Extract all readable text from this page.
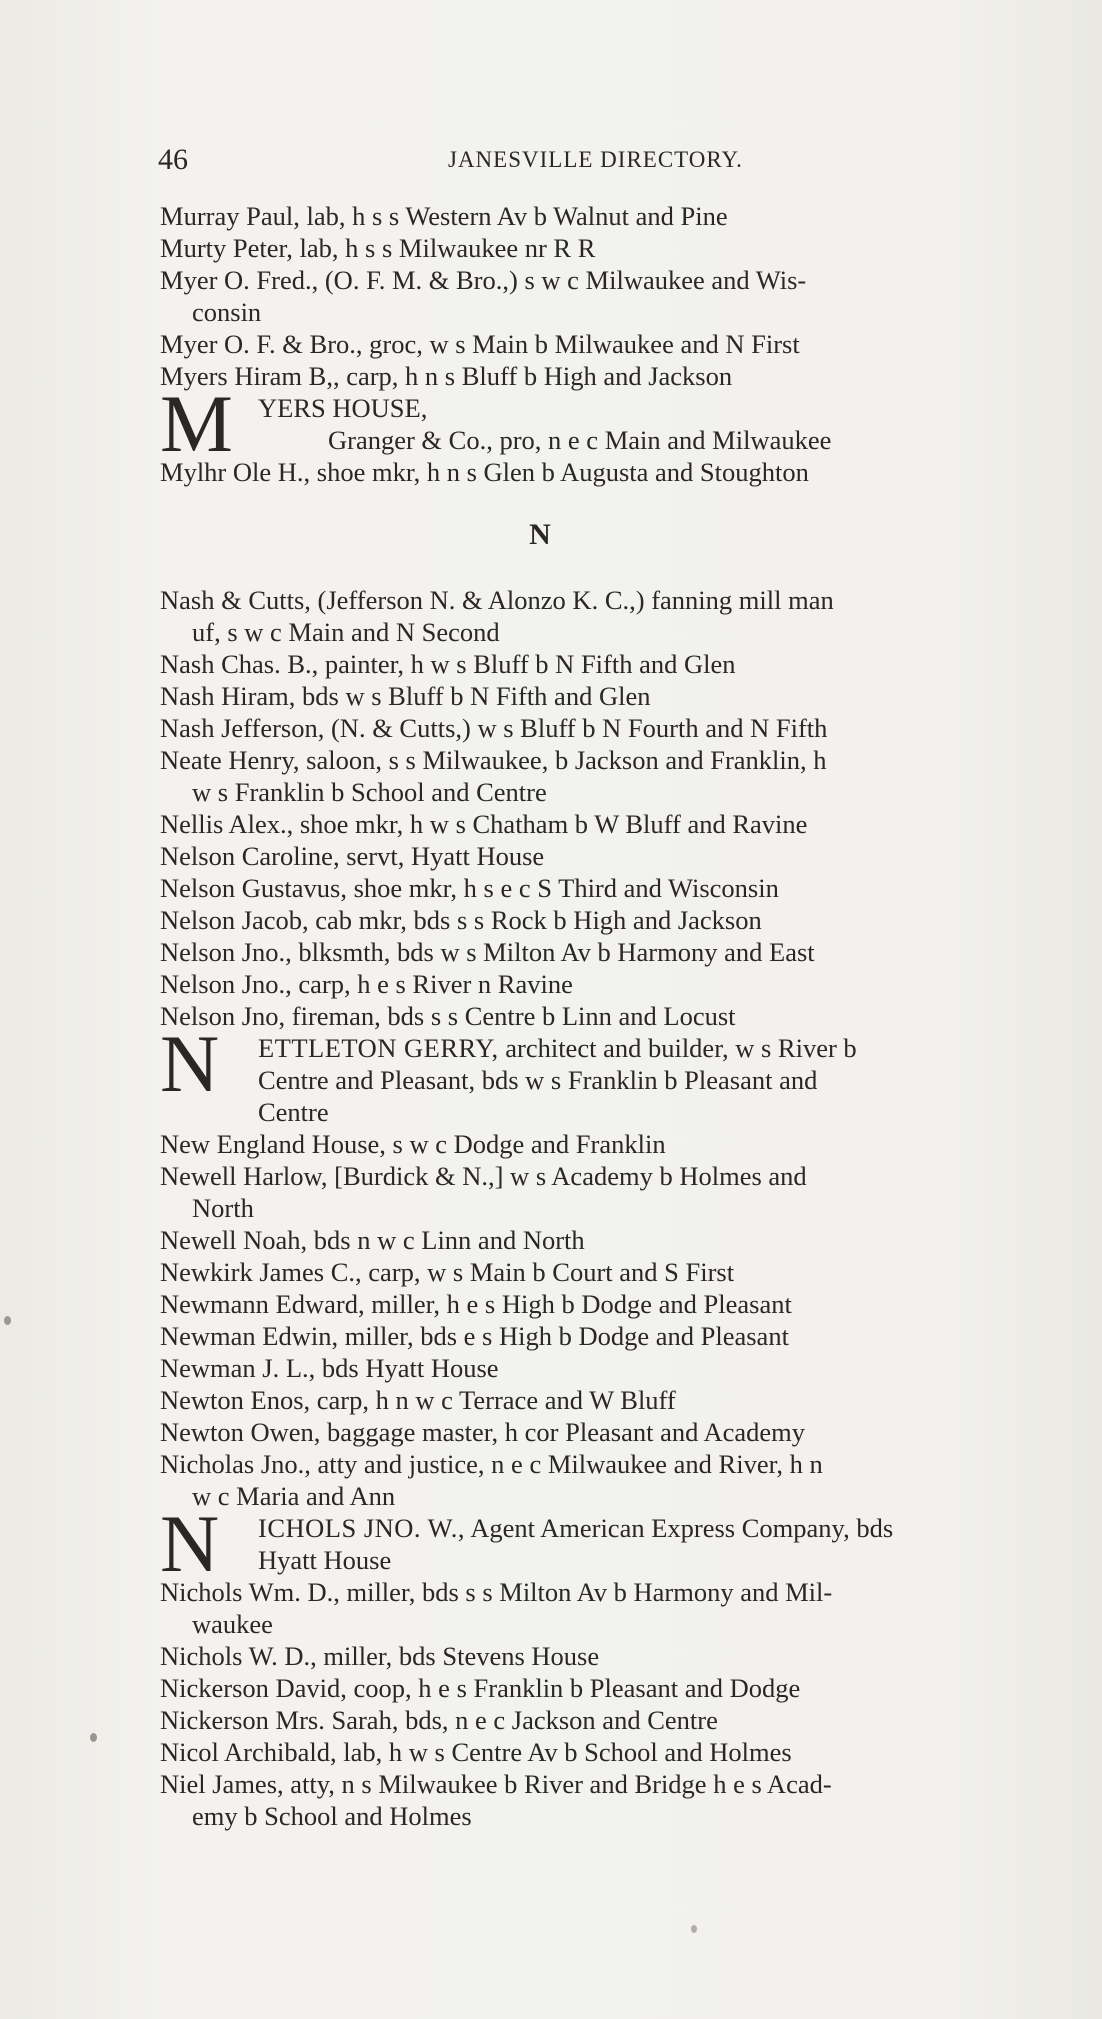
46	JANESVILLE DIRECTORY.
Murray Paul, lab, h s s Western Av b Walnut and Pine
Murty Peter, lab, h s s Milwaukee nr R R
Myer O. Fred., (O. F. M. & Bro.,) s w c Milwaukee and Wis-
consin
Myer O. F. & Bro., groc, w s Main b Milwaukee and N First
Myers Hiram B,, carp, h n s Bluff b High and Jackson
M YERS HOUSE,
Granger & Co., pro, n e c Main and Milwaukee
Mylhr Ole H., shoe mkr, h n s Glen b Augusta and Stoughton
N
Nash & Cutts, (Jefferson N. & Alonzo K. C.,) fanning mill man
uf, s w c Main and N Second
Nash Chas. B., painter, h w s Bluff b N Fifth and Glen
Nash Hiram, bds w s Bluff b N Fifth and Glen
Nash Jefferson, (N. & Cutts,) w s Bluff b N Fourth and N Fifth
Neate Henry, saloon, s s Milwaukee, b Jackson and Franklin, h
w s Franklin b School and Centre
Nellis Alex., shoe mkr, h w s Chatham b W Bluff and Ravine
Nelson Caroline, servt, Hyatt House
Nelson Gustavus, shoe mkr, h s e c S Third and Wisconsin
Nelson Jacob, cab mkr, bds s s Rock b High and Jackson
Nelson Jno., blksmth, bds w s Milton Av b Harmony and East
Nelson Jno., carp, h e s River n Ravine
Nelson Jno, fireman, bds s s Centre b Linn and Locust
N ETTLETON GERRY, architect and builder, w s River b
Centre and Pleasant, bds w s Franklin b Pleasant and
Centre
New England House, s w c Dodge and Franklin
Newell Harlow, [Burdick & N.,] w s Academy b Holmes and
North
Newell Noah, bds n w c Linn and North
Newkirk James C., carp, w s Main b Court and S First
Newmann Edward, miller, h e s High b Dodge and Pleasant
Newman Edwin, miller, bds e s High b Dodge and Pleasant
Newman J. L., bds Hyatt House
Newton Enos, carp, h n w c Terrace and W Bluff
Newton Owen, baggage master, h cor Pleasant and Academy
Nicholas Jno., atty and justice, n e c Milwaukee and River, h n
w c Maria and Ann
N ICHOLS JNO. W., Agent American Express Company, bds
Hyatt House
Nichols Wm. D., miller, bds s s Milton Av b Harmony and Mil-
waukee
Nichols W. D., miller, bds Stevens House
Nickerson David, coop, h e s Franklin b Pleasant and Dodge
Nickerson Mrs. Sarah, bds, n e c Jackson and Centre
Nicol Archibald, lab, h w s Centre Av b School and Holmes
Niel James, atty, n s Milwaukee b River and Bridge h e s Acad-
emy b School and Holmes
